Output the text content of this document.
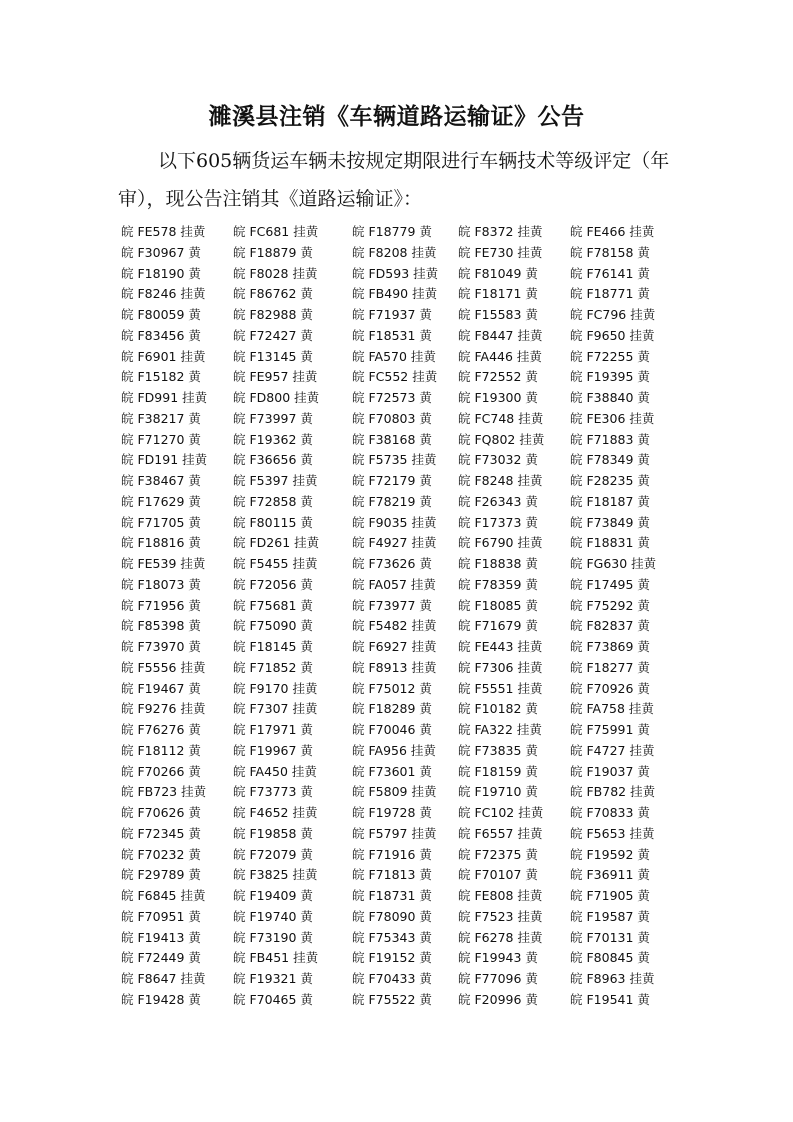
濉溪县注销《车辆道路运输证》公告
以下605辆货运车辆未按规定期限进行车辆技术等级评定（年审），现公告注销其《道路运输证》：
皖 FE578 挂黄	皖 FC681 挂黄	皖 F18779 黄	皖 F8372 挂黄	皖 FE466 挂黄
皖 F30967 黄	皖 F18879 黄	皖 F8208 挂黄	皖 FE730 挂黄	皖 F78158 黄
皖 F18190 黄	皖 F8028 挂黄	皖 FD593 挂黄	皖 F81049 黄	皖 F76141 黄
皖 F8246 挂黄	皖 F86762 黄	皖 FB490 挂黄	皖 F18171 黄	皖 F18771 黄
皖 F80059 黄	皖 F82988 黄	皖 F71937 黄	皖 F15583 黄	皖 FC796 挂黄
皖 F83456 黄	皖 F72427 黄	皖 F18531 黄	皖 F8447 挂黄	皖 F9650 挂黄
皖 F6901 挂黄	皖 F13145 黄	皖 FA570 挂黄	皖 FA446 挂黄	皖 F72255 黄
皖 F15182 黄	皖 FE957 挂黄	皖 FC552 挂黄	皖 F72552 黄	皖 F19395 黄
皖 FD991 挂黄	皖 FD800 挂黄	皖 F72573 黄	皖 F19300 黄	皖 F38840 黄
皖 F38217 黄	皖 F73997 黄	皖 F70803 黄	皖 FC748 挂黄	皖 FE306 挂黄
皖 F71270 黄	皖 F19362 黄	皖 F38168 黄	皖 FQ802 挂黄	皖 F71883 黄
皖 FD191 挂黄	皖 F36656 黄	皖 F5735 挂黄	皖 F73032 黄	皖 F78349 黄
皖 F38467 黄	皖 F5397 挂黄	皖 F72179 黄	皖 F8248 挂黄	皖 F28235 黄
皖 F17629 黄	皖 F72858 黄	皖 F78219 黄	皖 F26343 黄	皖 F18187 黄
皖 F71705 黄	皖 F80115 黄	皖 F9035 挂黄	皖 F17373 黄	皖 F73849 黄
皖 F18816 黄	皖 FD261 挂黄	皖 F4927 挂黄	皖 F6790 挂黄	皖 F18831 黄
皖 FE539 挂黄	皖 F5455 挂黄	皖 F73626 黄	皖 F18838 黄	皖 FG630 挂黄
皖 F18073 黄	皖 F72056 黄	皖 FA057 挂黄	皖 F78359 黄	皖 F17495 黄
皖 F71956 黄	皖 F75681 黄	皖 F73977 黄	皖 F18085 黄	皖 F75292 黄
皖 F85398 黄	皖 F75090 黄	皖 F5482 挂黄	皖 F71679 黄	皖 F82837 黄
皖 F73970 黄	皖 F18145 黄	皖 F6927 挂黄	皖 FE443 挂黄	皖 F73869 黄
皖 F5556 挂黄	皖 F71852 黄	皖 F8913 挂黄	皖 F7306 挂黄	皖 F18277 黄
皖 F19467 黄	皖 F9170 挂黄	皖 F75012 黄	皖 F5551 挂黄	皖 F70926 黄
皖 F9276 挂黄	皖 F7307 挂黄	皖 F18289 黄	皖 F10182 黄	皖 FA758 挂黄
皖 F76276 黄	皖 F17971 黄	皖 F70046 黄	皖 FA322 挂黄	皖 F75991 黄
皖 F18112 黄	皖 F19967 黄	皖 FA956 挂黄	皖 F73835 黄	皖 F4727 挂黄
皖 F70266 黄	皖 FA450 挂黄	皖 F73601 黄	皖 F18159 黄	皖 F19037 黄
皖 FB723 挂黄	皖 F73773 黄	皖 F5809 挂黄	皖 F19710 黄	皖 FB782 挂黄
皖 F70626 黄	皖 F4652 挂黄	皖 F19728 黄	皖 FC102 挂黄	皖 F70833 黄
皖 F72345 黄	皖 F19858 黄	皖 F5797 挂黄	皖 F6557 挂黄	皖 F5653 挂黄
皖 F70232 黄	皖 F72079 黄	皖 F71916 黄	皖 F72375 黄	皖 F19592 黄
皖 F29789 黄	皖 F3825 挂黄	皖 F71813 黄	皖 F70107 黄	皖 F36911 黄
皖 F6845 挂黄	皖 F19409 黄	皖 F18731 黄	皖 FE808 挂黄	皖 F71905 黄
皖 F70951 黄	皖 F19740 黄	皖 F78090 黄	皖 F7523 挂黄	皖 F19587 黄
皖 F19413 黄	皖 F73190 黄	皖 F75343 黄	皖 F6278 挂黄	皖 F70131 黄
皖 F72449 黄	皖 FB451 挂黄	皖 F19152 黄	皖 F19943 黄	皖 F80845 黄
皖 F8647 挂黄	皖 F19321 黄	皖 F70433 黄	皖 F77096 黄	皖 F8963 挂黄
皖 F19428 黄	皖 F70465 黄	皖 F75522 黄	皖 F20996 黄	皖 F19541 黄
